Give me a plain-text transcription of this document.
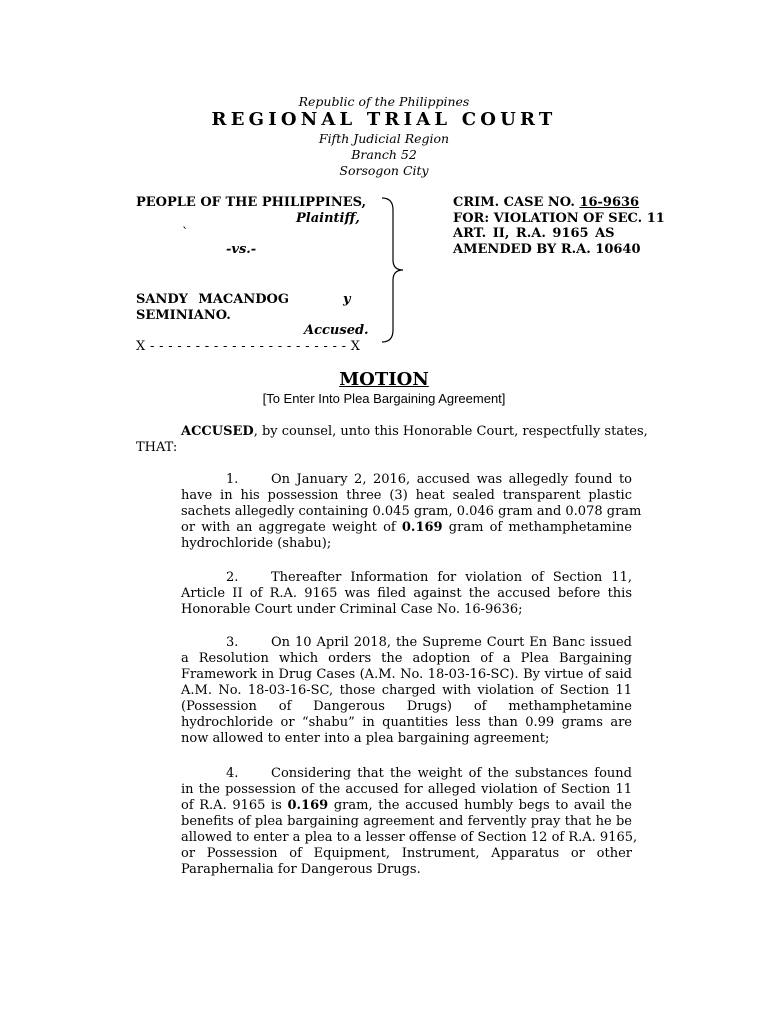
Republic of the Philippines
REGIONAL TRIAL COURT
Fifth Judicial Region
Branch 52
Sorsogon City
PEOPLE OF THE PHILIPPINES,
Plaintiff,
`
-vs.-
SANDY MACANDOG	y
SEMINIANO.
Accused.
X - - - - - - - - - - - - - - - - - - - - - - X
CRIM. CASE NO. 16-9636
FOR: VIOLATION OF SEC. 11
ART. II, R.A. 9165 AS
AMENDED BY R.A. 10640
MOTION
[To Enter Into Plea Bargaining Agreement]
ACCUSED, by counsel, unto this Honorable Court, respectfully states,
THAT:
1.	On January 2, 2016, accused was allegedly found to
have in his possession three (3) heat sealed transparent plastic
sachets allegedly containing 0.045 gram, 0.046 gram and 0.078 gram
or with an aggregate weight of 0.169 gram of methamphetamine
hydrochloride (shabu);
2.	Thereafter Information for violation of Section 11,
Article II of R.A. 9165 was filed against the accused before this
Honorable Court under Criminal Case No. 16-9636;
3.	On 10 April 2018, the Supreme Court En Banc issued
a Resolution which orders the adoption of a Plea Bargaining
Framework in Drug Cases (A.M. No. 18-03-16-SC). By virtue of said
A.M. No. 18-03-16-SC, those charged with violation of Section 11
(Possession of Dangerous Drugs) of methamphetamine
hydrochloride or “shabu” in quantities less than 0.99 grams are
now allowed to enter into a plea bargaining agreement;
4.	Considering that the weight of the substances found
in the possession of the accused for alleged violation of Section 11
of R.A. 9165 is 0.169 gram, the accused humbly begs to avail the
benefits of plea bargaining agreement and fervently pray that he be
allowed to enter a plea to a lesser offense of Section 12 of R.A. 9165,
or Possession of Equipment, Instrument, Apparatus or other
Paraphernalia for Dangerous Drugs.
